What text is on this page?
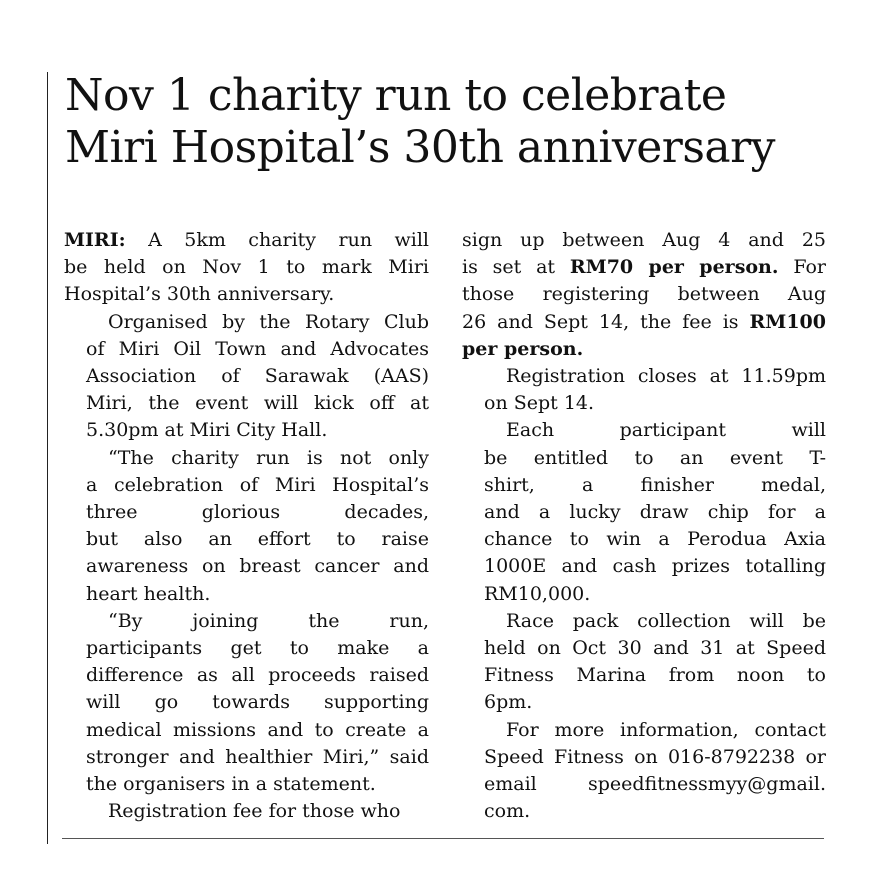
Nov 1 charity run to celebrate
Miri Hospital’s 30th anniversary

MIRI: A 5km charity run will
be held on Nov 1 to mark Miri
Hospital’s 30th anniversary.

Organised by the Rotary Club
of Miri Oil Town and Advocates
Association of Sarawak (AAS)
Miri, the event will kick off at
5.30pm at Miri City Hall.

“The charity run is not only
a celebration of Miri Hospital’s
three glorious decades,
but also an effort to raise
awareness on breast cancer and
heart health.

“By joining the run,
participants get to make a
difference as all proceeds raised
will go towards supporting
medical missions and to create a
stronger and healthier Miri,” said
the organisers in a statement.

Registration fee for those who

sign up between Aug 4 and 25
is set at RM70 per person. For
those registering between Aug
26 and Sept 14, the fee is RM100
per person.

Registration closes at 11.59pm
on Sept 14.

Each participant will
be entitled to an event T-
shirt, a finisher medal,
and a lucky draw chip for a
chance to win a Perodua Axia
1000E and cash prizes totalling
RM10,000.

Race pack collection will be
held on Oct 30 and 31 at Speed
Fitness Marina from noon to
6pm.

For more information, contact
Speed Fitness on 016-8792238 or
email speedfitnessmyy@gmail.
com.
